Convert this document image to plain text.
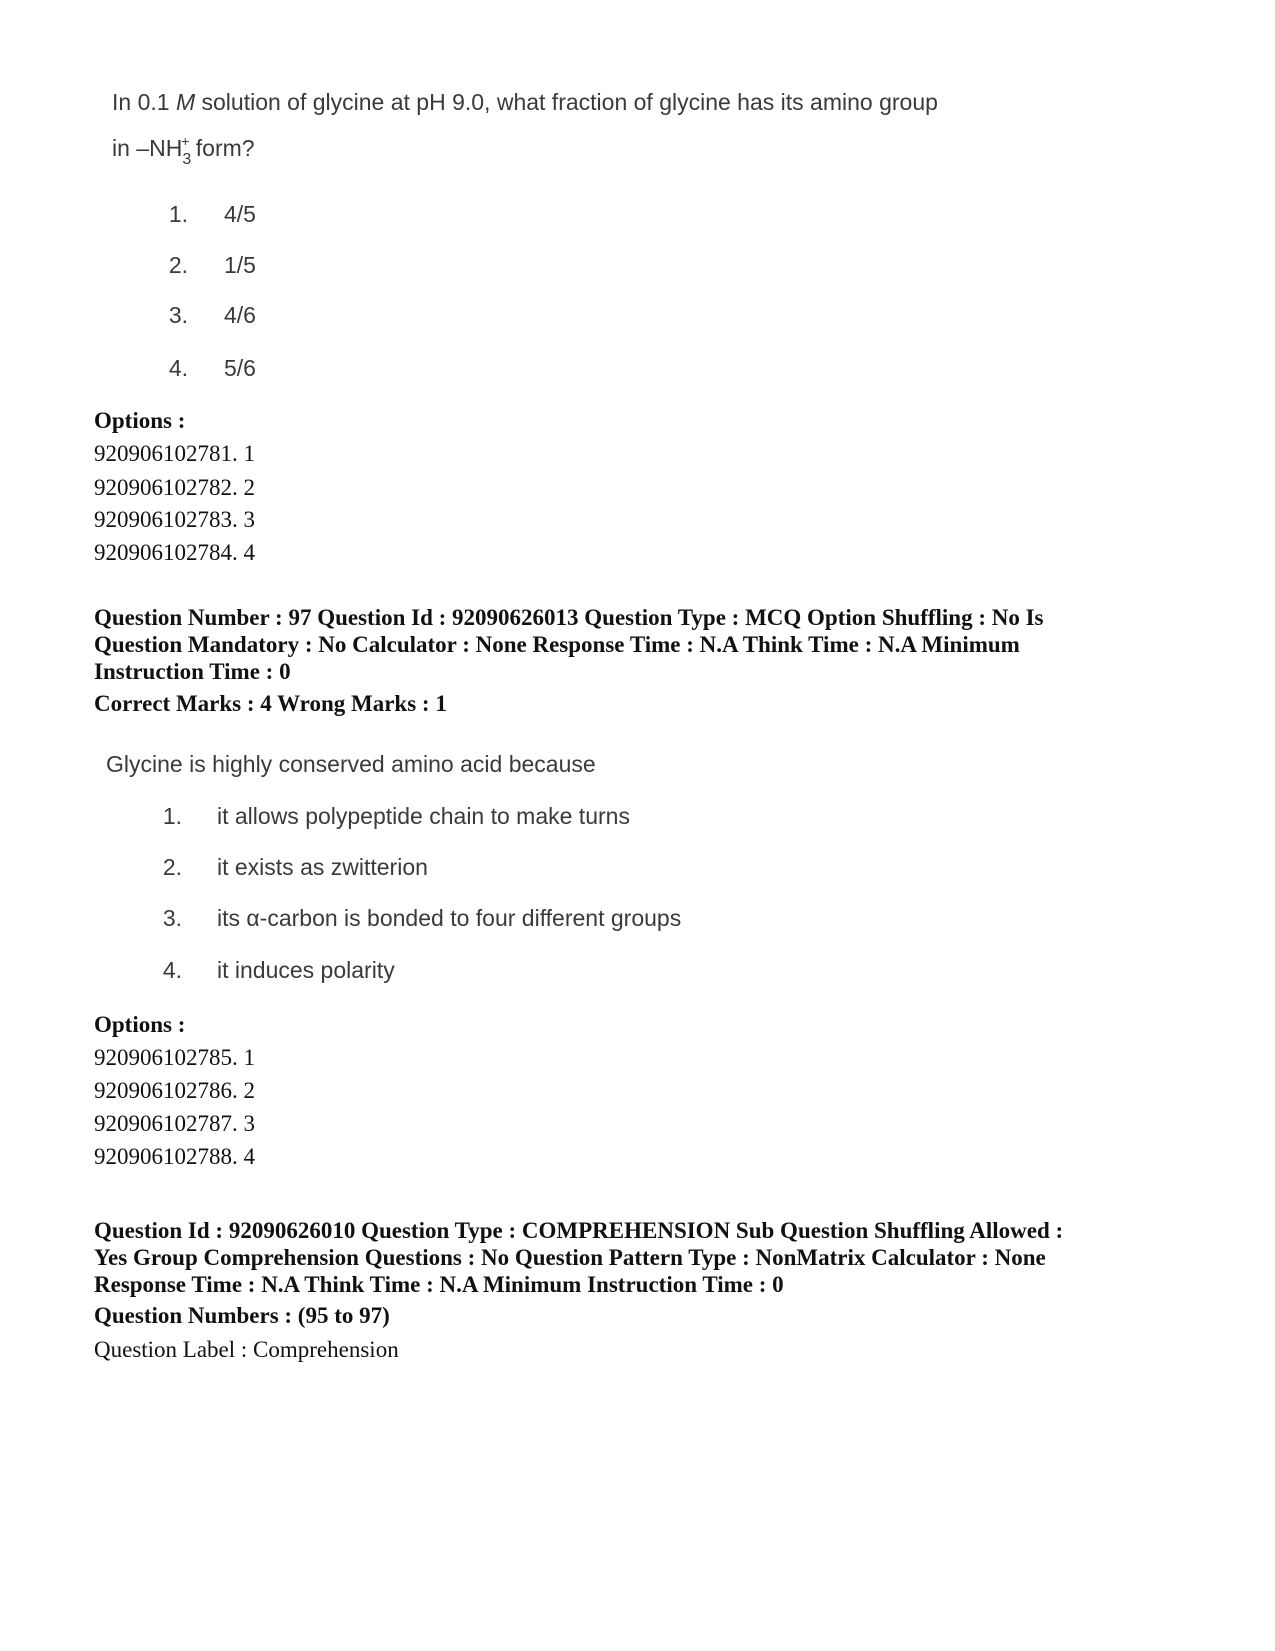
In 0.1 M solution of glycine at pH 9.0, what fraction of glycine has its amino group
in $-NH_3^+$ form?
1. 4/5
2. 1/5
3. 4/6
4. 5/6
Options :
920906102781. 1
920906102782. 2
920906102783. 3
920906102784. 4
Question Number : 97 Question Id : 92090626013 Question Type : MCQ Option Shuffling : No Is
Question Mandatory : No Calculator : None Response Time : N.A Think Time : N.A Minimum
Instruction Time : 0
Correct Marks : 4 Wrong Marks : 1
Glycine is highly conserved amino acid because
1. it allows polypeptide chain to make turns
2. it exists as zwitterion
3. its α-carbon is bonded to four different groups
4. it induces polarity
Options :
920906102785. 1
920906102786. 2
920906102787. 3
920906102788. 4
Question Id : 92090626010 Question Type : COMPREHENSION Sub Question Shuffling Allowed :
Yes Group Comprehension Questions : No Question Pattern Type : NonMatrix Calculator : None
Response Time : N.A Think Time : N.A Minimum Instruction Time : 0
Question Numbers : (95 to 97)
Question Label : Comprehension
